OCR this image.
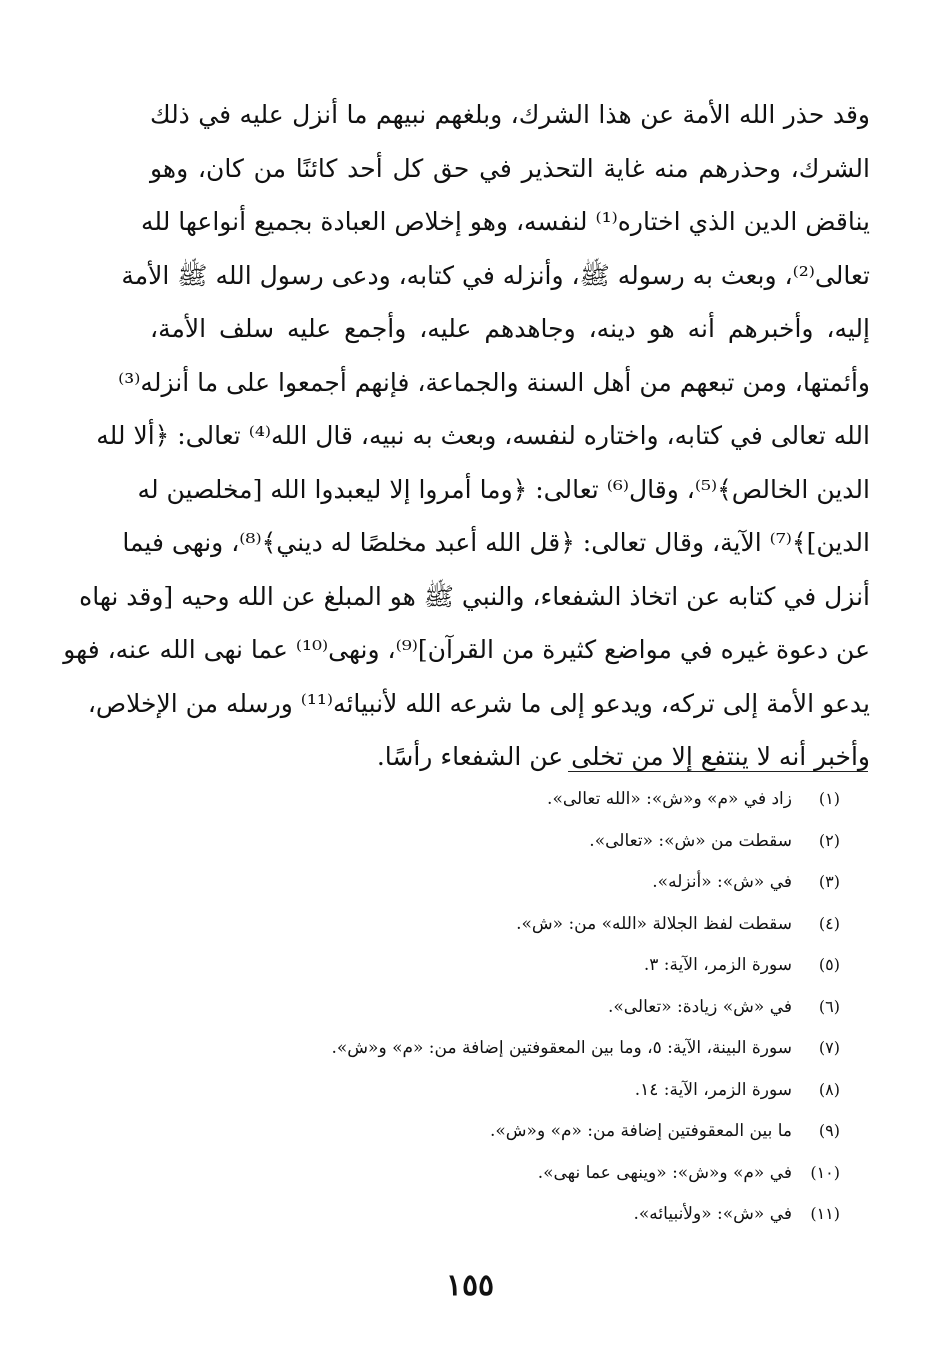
وقد حذر الله الأمة عن هذا الشرك، وبلغهم نبيهم ما أنزل عليه في ذلك
الشرك، وحذرهم منه غاية التحذير في حق كل أحد كائنًا من كان، وهو
يناقض الدين الذي اختاره⁽¹⁾ لنفسه، وهو إخلاص العبادة بجميع أنواعها لله
تعالى⁽²⁾، وبعث به رسوله ﷺ، وأنزله في كتابه، ودعى رسول الله ﷺ الأمة
إليه، وأخبرهم أنه هو دينه، وجاهدهم عليه، وأجمع عليه سلف الأمة،
وأئمتها، ومن تبعهم من أهل السنة والجماعة، فإنهم أجمعوا على ما أنزله⁽³⁾
الله تعالى في كتابه، واختاره لنفسه، وبعث به نبيه، قال الله⁽⁴⁾ تعالى: ﴿ألا لله
الدين الخالص﴾⁽⁵⁾، وقال⁽⁶⁾ تعالى: ﴿وما أمروا إلا ليعبدوا الله [مخلصين له
الدين]﴾⁽⁷⁾ الآية، وقال تعالى: ﴿قل الله أعبد مخلصًا له ديني﴾⁽⁸⁾، ونهى فيما
أنزل في كتابه عن اتخاذ الشفعاء، والنبي ﷺ هو المبلغ عن الله وحيه [وقد نهاه
عن دعوة غيره في مواضع كثيرة من القرآن]⁽⁹⁾، ونهى⁽¹⁰⁾ عما نهى الله عنه، فهو
يدعو الأمة إلى تركه، ويدعو إلى ما شرعه الله لأنبيائه⁽¹¹⁾ ورسله من الإخلاص،
وأخبر أنه لا ينتفع إلا من تخلى عن الشفعاء رأسًا.
(١)
زاد في «م» و«ش»: «الله تعالى».
(٢)
سقطت من «ش»: «تعالى».
(٣)
في «ش»: «أنزله».
(٤)
سقطت لفظ الجلالة «الله» من: «ش».
(٥)
سورة الزمر، الآية: ٣.
(٦)
في «ش» زيادة: «تعالى».
(٧)
سورة البينة، الآية: ٥، وما بين المعقوفتين إضافة من: «م» و«ش».
(٨)
سورة الزمر، الآية: ١٤.
(٩)
ما بين المعقوفتين إضافة من: «م» و«ش».
(١٠)
في «م» و«ش»: «وينهى عما نهى».
(١١)
في «ش»: «ولأنبيائه».
١٥٥
